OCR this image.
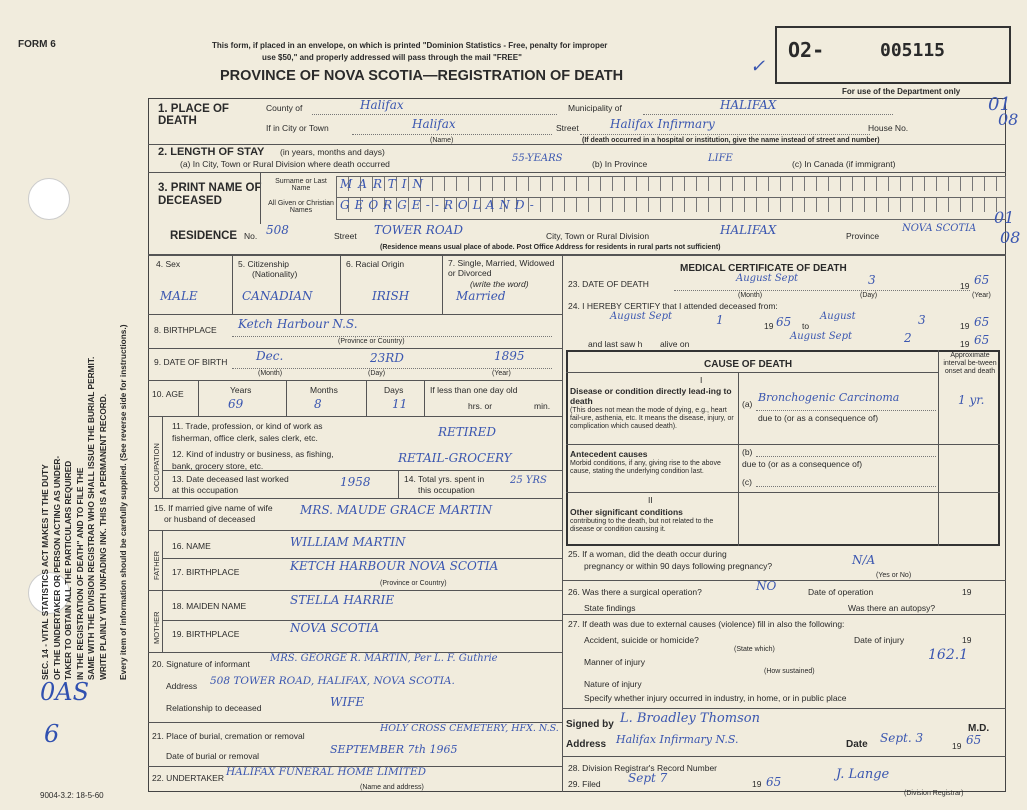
SEC. 14 - VITAL STATISTICS ACT MAKES IT THE DUTY OF THE UNDERTAKER OR PERSON ACTING AS UNDER- TAKER TO OBTAIN ALL THE PARTICULARS REQUIRED IN THE REGISTRATION OF DEATH" AND TO FILE THE SAME WITH THE DIVISION REGISTRAR WHO SHALL ISSUE THE BURIAL PERMIT. WRITE PLAINLY WITH UNFADING INK. THIS IS A PERMANENT RECORD. Every item of information should be carefully supplied. (See reverse side for instructions.)
0AS
6
FORM 6	This form, if placed in an envelope, on which is printed "Dominion Statistics - Free, penalty for improper
use $50," and properly addressed will pass through the mail "FREE"
PROVINCE OF NOVA SCOTIA—REGISTRATION OF DEATH
O2-	005115
✓
For use of the Department only
1. PLACE OF DEATH
County of	Halifax	Municipality of	HALIFAX	01
08
If in City or Town	Halifax
(Name)
Street	Halifax Infirmary	House No.
(If death occurred in a hospital or institution, give the name instead of street and number)
2. LENGTH OF STAY (in years, months and days)
(a) In City, Town or Rural Division where death occurred	55-YEARS	(b) In Province	LIFE	(c) In Canada (if immigrant)
3. PRINT NAME OF DECEASED
Surname or Last Name
All Given or Christian Names
MARTIN
GEORGE--ROLAND-
RESIDENCE No. 508	Street TOWER ROAD	City, Town or Rural Division	HALIFAX	Province
NOVA SCOTIA
01
08
(Residence means usual place of abode. Post Office Address for residents in rural parts not sufficient)
4. Sex
MALE
5. Citizenship
(Nationality)
CANADIAN
6. Racial Origin
IRISH
7. Single, Married, Widowed or Divorced
(write the word)
Married
8. BIRTHPLACE Ketch Harbour N.S.
(Province or Country)
9. DATE OF BIRTH Dec.	23RD	1895
(Month)	(Day)	(Year)
10. AGE	Years	Months	Days
69	8	11
If less than one day old
hrs. or	min.
OCCUPATION
11. Trade, profession, or kind of work as
fisherman, office clerk, sales clerk, etc.	RETIRED
12. Kind of industry or business, as fishing,
bank, grocery store, etc.
RETAIL-GROCERY
13. Date deceased last worked
at this occupation
1958	14. Total yrs. spent in
this occupation
25 YRS
15. If married give name of wife
or husband of deceased
MRS. MAUDE GRACE MARTIN
FATHER
16. NAME	WILLIAM MARTIN
17. BIRTHPLACE	KETCH HARBOUR NOVA SCOTIA
(Province or Country)
MOTHER
18. MAIDEN NAME	STELLA HARRIE
19. BIRTHPLACE	NOVA SCOTIA
20. Signature of informant MRS. GEORGE R. MARTIN, Per L. F. Guthrie
Address 508 TOWER ROAD, HALIFAX, NOVA SCOTIA.
Relationship to deceased	WIFE
21. Place of burial, cremation or removal
HOLY CROSS CEMETERY, HFX. N.S.
Date of burial or removal	SEPTEMBER 7th 1965
22. UNDERTAKER HALIFAX FUNERAL HOME LIMITED
(Name and address)
9004-3.2: 18-5-60
MEDICAL CERTIFICATE OF DEATH
23. DATE OF DEATH	August Sept	3	19 65
(Month)	(Day)	(Year)
24. I HEREBY CERTIFY that I attended deceased from:
August Sept	1	19 65 to
August	3	19 65
and last saw h alive on
August Sept	2	19 65
CAUSE OF DEATH
Approximate interval be-tween onset and death
I
Disease or condition directly lead-ing to death
(This does not mean the mode of dying, e.g., heart fail-ure, asthenia, etc. It means the disease, injury, or complication which caused death).
(a) Bronchogenic Carcinoma	1 yr.
due to (or as a consequence of)
Antecedent causes
Morbid conditions, if any, giving rise to the above cause, stating the underlying condition last.
(b)
due to (or as a consequence of)
(c)
II
Other significant conditions
contributing to the death, but not related to the disease or condition causing it.
25. If a woman, did the death occur during
pregnancy or within 90 days following pregnancy?	N/A
(Yes or No)
26. Was there a surgical operation?	NO	Date of operation	19
State findings	Was there an autopsy?
27. If death was due to external causes (violence) fill in also the following:
Accident, suicide or homicide?	Date of injury	19
(State which)
Manner of injury	162.1
(How sustained)
Nature of injury
Specify whether injury occurred in industry, in home, or in public place
Signed by L. Broadley Thomson
M.D.
Address Halifax Infirmary N.S.	Date Sept. 3
19 65
28. Division Registrar's Record Number
29. Filed Sept 7	19 65	J. Lange
(Division Registrar)
